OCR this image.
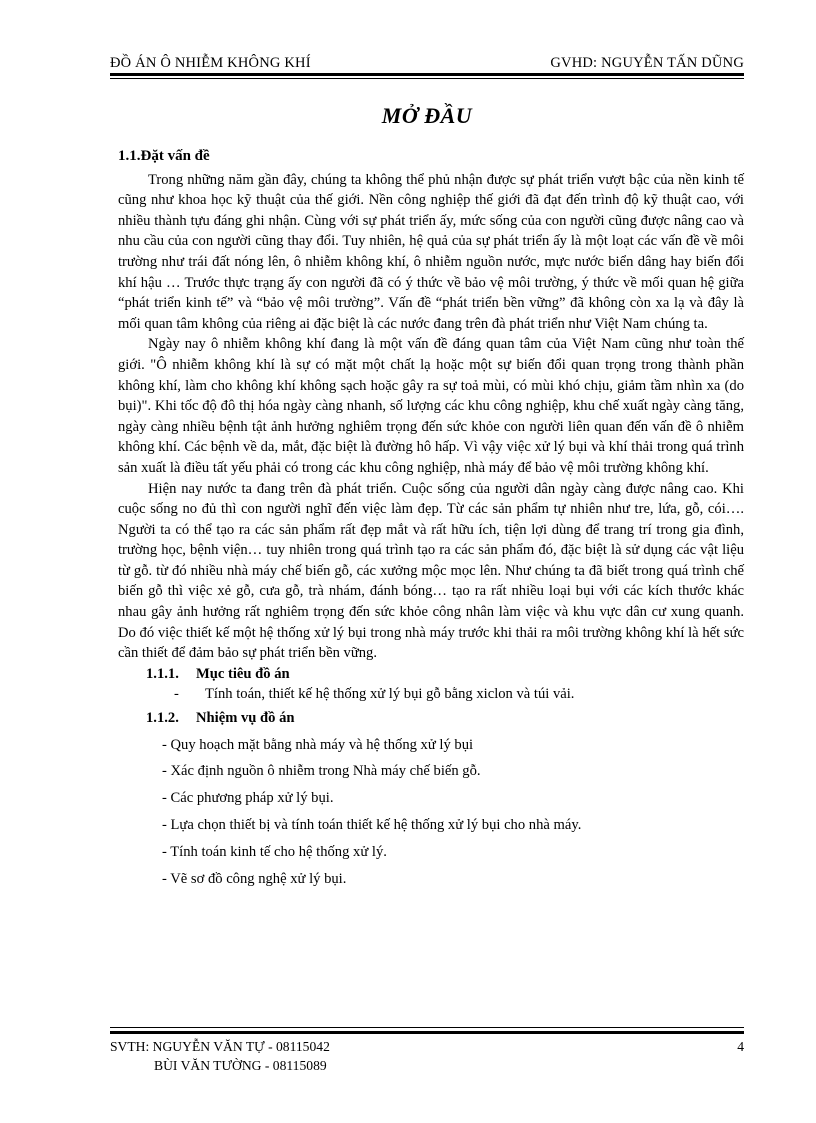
ĐỒ ÁN Ô NHIỄM KHÔNG KHÍ	GVHD: NGUYỄN TẤN DŨNG
MỞ ĐẦU
1.1.Đặt vấn đề

Trong những năm gần đây, chúng ta không thể phủ nhận được sự phát triển vượt bậc của nền kinh tế cũng như khoa học kỹ thuật của thế giới. Nền công nghiệp thế giới đã đạt đến trình độ kỹ thuật cao, với nhiều thành tựu đáng ghi nhận. Cùng với sự phát triển ấy, mức sống của con người cũng được nâng cao và nhu cầu của con người cũng thay đổi. Tuy nhiên, hệ quả của sự phát triển ấy là một loạt các vấn đề về môi trường như trái đất nóng lên, ô nhiễm không khí, ô nhiễm nguồn nước, mực nước biển dâng hay biến đổi khí hậu … Trước thực trạng ấy con người đã có ý thức về bảo vệ môi trường, ý thức về mối quan hệ giữa “phát triển kinh tế” và “bảo vệ môi trường”. Vấn đề “phát triển bền vững” đã không còn xa lạ và đây là mối quan tâm không của riêng ai đặc biệt là các nước đang trên đà phát triển như Việt Nam chúng ta.

Ngày nay ô nhiễm không khí đang là một vấn đề đáng quan tâm của Việt Nam cũng như toàn thế giới. "Ô nhiễm không khí là sự có mặt một chất lạ hoặc một sự biến đổi quan trọng trong thành phần không khí, làm cho không khí không sạch hoặc gây ra sự toả mùi, có mùi khó chịu, giảm tầm nhìn xa (do bụi)". Khi tốc độ đô thị hóa ngày càng nhanh, số lượng các khu công nghiệp, khu chế xuất ngày càng tăng, ngày càng nhiều bệnh tật ảnh hưởng nghiêm trọng đến sức khỏe con người liên quan đến vấn đề ô nhiễm không khí. Các bệnh về da, mắt, đặc biệt là đường hô hấp. Vì vậy việc xử lý bụi và khí thải trong quá trình sản xuất là điều tất yếu phải có trong các khu công nghiệp, nhà máy để bảo vệ môi trường không khí.

Hiện nay nước ta đang trên đà phát triển. Cuộc sống của người dân ngày càng được nâng cao. Khi cuộc sống no đủ thì con người nghĩ đến việc làm đẹp. Từ các sản phẩm tự nhiên như tre, lứa, gỗ, cói…. Người ta có thể tạo ra các sản phẩm rất đẹp mắt và rất hữu ích, tiện lợi dùng để trang trí trong gia đình, trường học, bệnh viện… tuy nhiên trong quá trình tạo ra các sản phẩm đó, đặc biệt là sử dụng các vật liệu từ gỗ. từ đó nhiều nhà máy chế biến gỗ, các xưởng mộc mọc lên. Như chúng ta đã biết trong quá trình chế biến gỗ thì việc xẻ gỗ, cưa gỗ, trà nhám, đánh bóng… tạo ra rất nhiều loại bụi với các kích thước khác nhau gây ảnh hưởng rất nghiêm trọng đến sức khỏe công nhân làm việc và khu vực dân cư xung quanh. Do đó việc thiết kế một hệ thống xử lý bụi trong nhà máy trước khi thải ra môi trường không khí là hết sức cần thiết để đảm bảo sự phát triển bền vững.

1.1.1. Mục tiêu đồ án
- Tính toán, thiết kế hệ thống xử lý bụi gỗ bằng xiclon và túi vải.
1.1.2. Nhiệm vụ đồ án
- Quy hoạch mặt bằng nhà máy và hệ thống xử lý bụi
- Xác định nguồn ô nhiễm trong Nhà máy chế biến gỗ.
- Các phương pháp xử lý bụi.
- Lựa chọn thiết bị và tính toán thiết kế hệ thống xử lý bụi cho nhà máy.
- Tính toán kinh tế cho hệ thống xử lý.
- Vẽ sơ đồ công nghệ xử lý bụi.
SVTH: NGUYỄN VĂN TỰ - 08115042	4
BÙI VĂN TƯỜNG - 08115089
